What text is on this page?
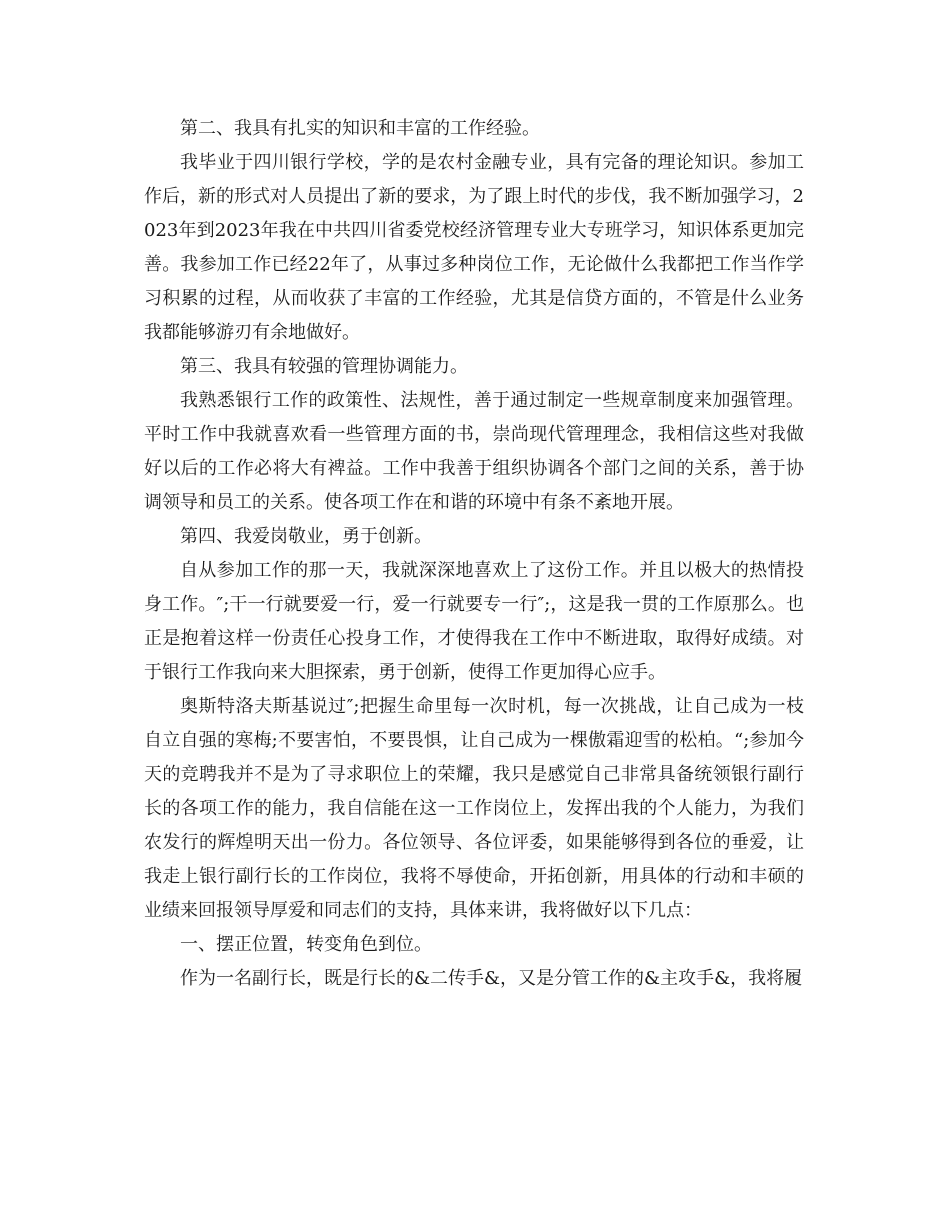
第二、我具有扎实的知识和丰富的工作经验。

我毕业于四川银行学校，学的是农村金融专业，具有完备的理论知识。参加工作后，新的形式对人员提出了新的要求，为了跟上时代的步伐，我不断加强学习，2023年到2023年我在中共四川省委党校经济管理专业大专班学习，知识体系更加完善。我参加工作已经22年了，从事过多种岗位工作，无论做什么我都把工作当作学习积累的过程，从而收获了丰富的工作经验，尤其是信贷方面的，不管是什么业务我都能够游刃有余地做好。

第三、我具有较强的管理协调能力。

我熟悉银行工作的政策性、法规性，善于通过制定一些规章制度来加强管理。平时工作中我就喜欢看一些管理方面的书，崇尚现代管理理念，我相信这些对我做好以后的工作必将大有裨益。工作中我善于组织协调各个部门之间的关系，善于协调领导和员工的关系。使各项工作在和谐的环境中有条不紊地开展。

第四、我爱岗敬业，勇于创新。

自从参加工作的那一天，我就深深地喜欢上了这份工作。并且以极大的热情投身工作。″;干一行就要爱一行，爱一行就要专一行″;，这是我一贯的工作原那么。也正是抱着这样一份责任心投身工作，才使得我在工作中不断进取，取得好成绩。对于银行工作我向来大胆探索，勇于创新，使得工作更加得心应手。

奥斯特洛夫斯基说过″;把握生命里每一次时机，每一次挑战，让自己成为一枝自立自强的寒梅;不要害怕，不要畏惧，让自己成为一棵傲霜迎雪的松柏。“;参加今天的竞聘我并不是为了寻求职位上的荣耀，我只是感觉自己非常具备统领银行副行长的各项工作的能力，我自信能在这一工作岗位上，发挥出我的个人能力，为我们农发行的辉煌明天出一份力。各位领导、各位评委，如果能够得到各位的垂爱，让我走上银行副行长的工作岗位，我将不辱使命，开拓创新，用具体的行动和丰硕的业绩来回报领导厚爱和同志们的支持，具体来讲，我将做好以下几点：

一、摆正位置，转变角色到位。

作为一名副行长，既是行长的&二传手&，又是分管工作的&主攻手&，我将履
